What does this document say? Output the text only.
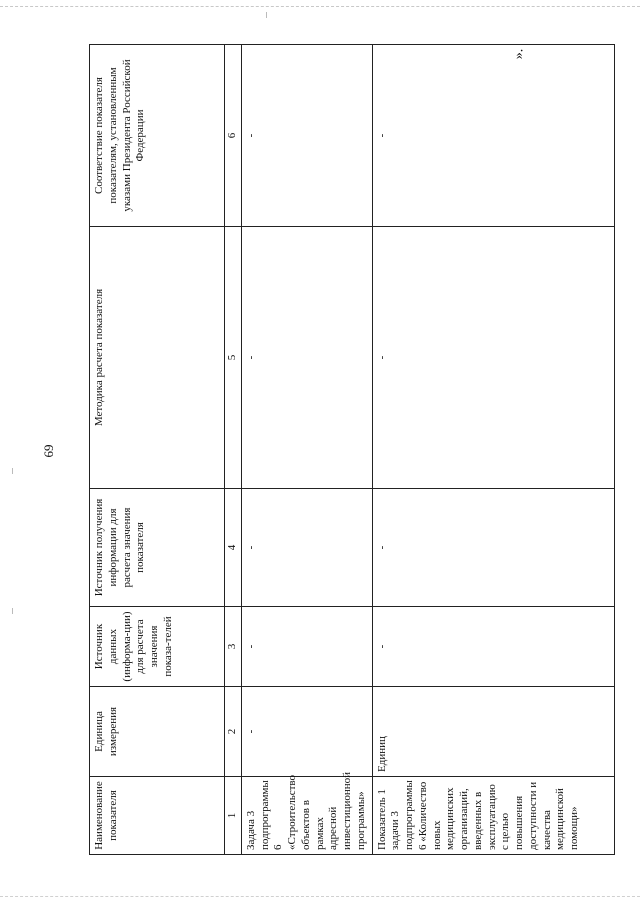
69
Наименование показателя	Единица измерения	Источник данных (информа-ции) для расчета значения показа-телей	Источник получения информации для расчета значения показателя	Методика расчета показателя	Соответствие показателя показателям, установленным указами Президента Российской Федерации
1	2	3	4	5	6
Задача 3 подпрограммы 6 «Строительство объектов в рамках адресной инвестиционной программы»	-	-	-	-	-
Показатель 1 задачи 3 подпрограммы 6 «Количество новых медицинских организаций, введенных в эксплуатацию с целью повышения доступности и качества медицинской помощи»	Единиц	-	-	-	-
».
